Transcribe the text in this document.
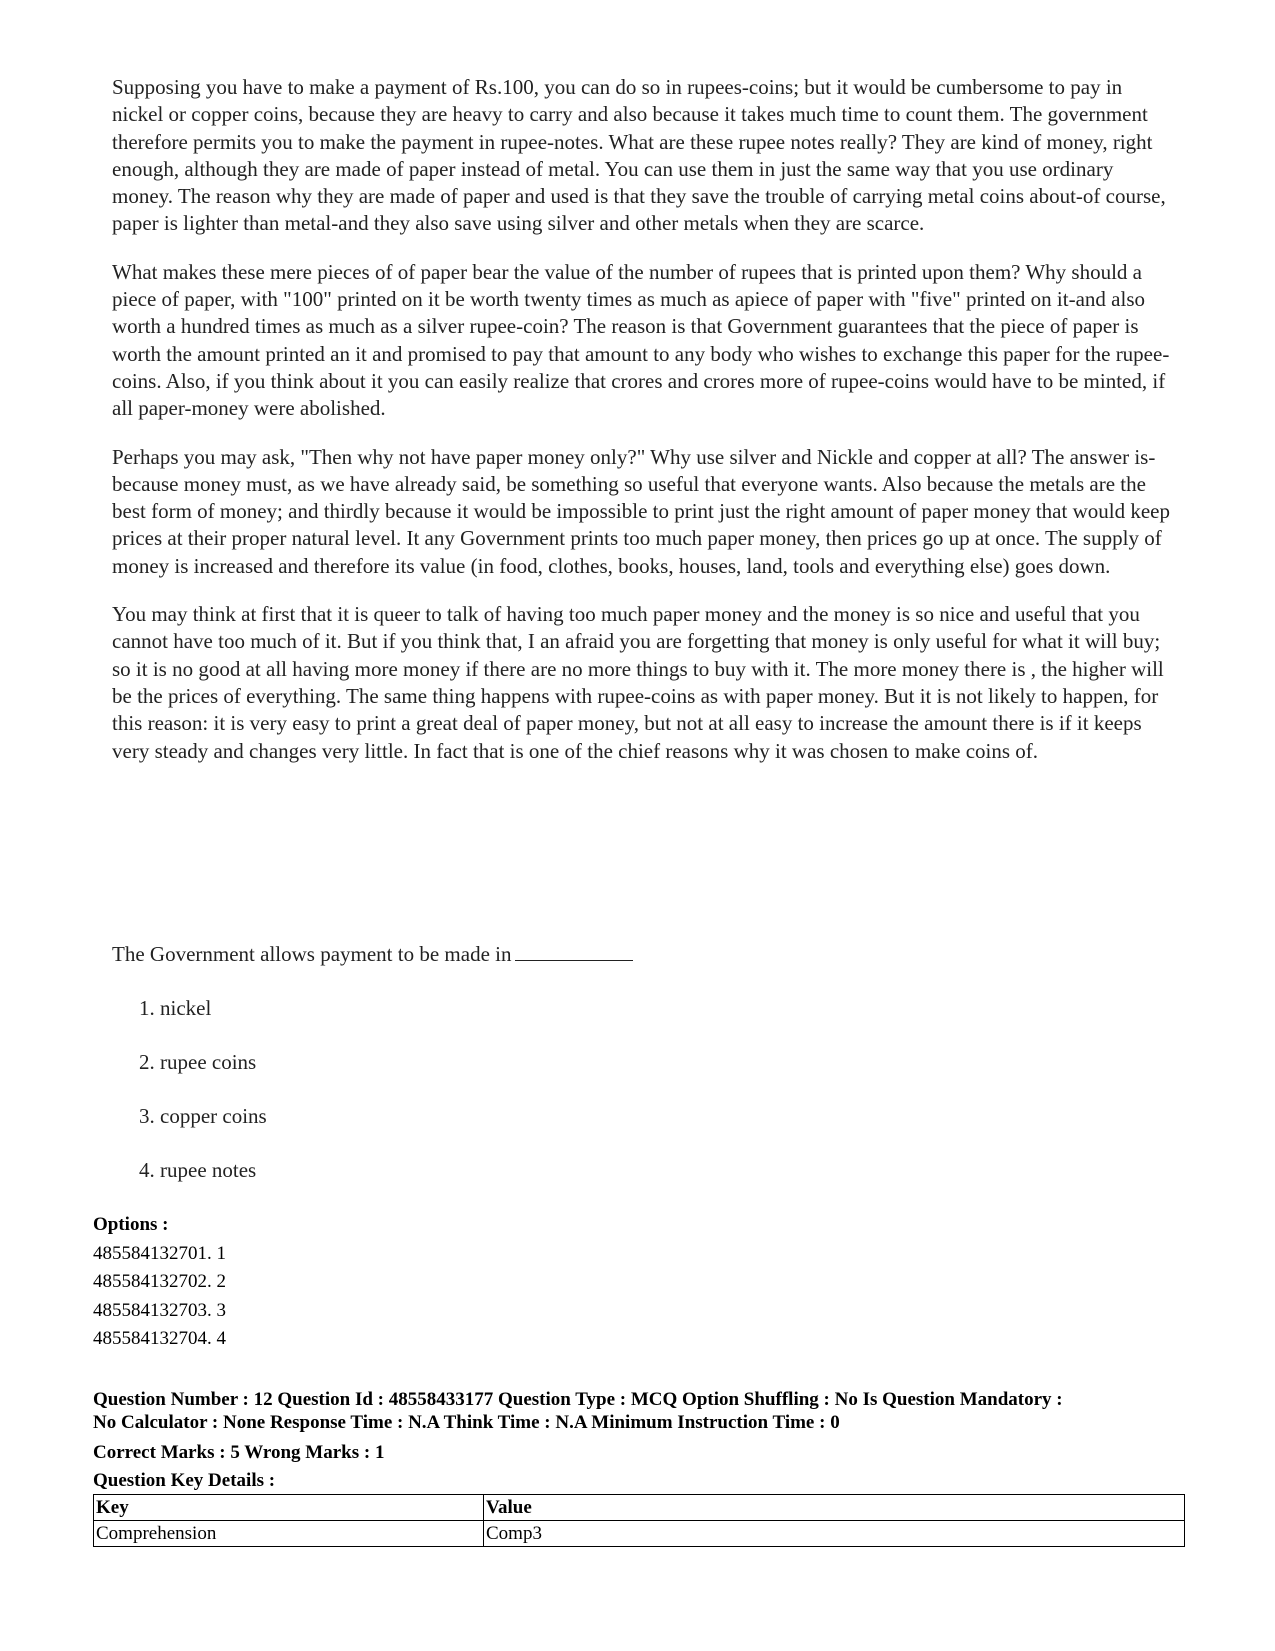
Supposing you have to make a payment of Rs.100, you can do so in rupees-coins; but it would be cumbersome to pay in nickel or copper coins, because they are heavy to carry and also because it takes much time to count them. The government therefore permits you to make the payment in rupee-notes. What are these rupee notes really? They are kind of money, right enough, although they are made of paper instead of metal. You can use them in just the same way that you use ordinary money. The reason why they are made of paper and used is that they save the trouble of carrying metal coins about-of course, paper is lighter than metal-and they also save using silver and other metals when they are scarce.

What makes these mere pieces of of paper bear the value of the number of rupees that is printed upon them? Why should a piece of paper, with "100" printed on it be worth twenty times as much as apiece of paper with "five" printed on it-and also worth a hundred times as much as a silver rupee-coin? The reason is that Government guarantees that the piece of paper is worth the amount printed an it and promised to pay that amount to any body who wishes to exchange this paper for the rupee-coins. Also, if you think about it you can easily realize that crores and crores more of rupee-coins would have to be minted, if all paper-money were abolished.

Perhaps you may ask, "Then why not have paper money only?" Why use silver and Nickle and copper at all? The answer is-because money must, as we have already said, be something so useful that everyone wants. Also because the metals are the best form of money; and thirdly because it would be impossible to print just the right amount of paper money that would keep prices at their proper natural level. It any Government prints too much paper money, then prices go up at once. The supply of money is increased and therefore its value (in food, clothes, books, houses, land, tools and everything else) goes down.

You may think at first that it is queer to talk of having too much paper money and the money is so nice and useful that you cannot have too much of it. But if you think that, I an afraid you are forgetting that money is only useful for what it will buy; so it is no good at all having more money if there are no more things to buy with it. The more money there is , the higher will be the prices of everything. The same thing happens with rupee-coins as with paper money. But it is not likely to happen, for this reason: it is very easy to print a great deal of paper money, but not at all easy to increase the amount there is if it keeps very steady and changes very little. In fact that is one of the chief reasons why it was chosen to make coins of.

The Government allows payment to be made in
1. nickel
2. rupee coins
3. copper coins
4. rupee notes
Options :
485584132701. 1
485584132702. 2
485584132703. 3
485584132704. 4
Question Number : 12 Question Id : 48558433177 Question Type : MCQ Option Shuffling : No Is Question Mandatory :
No Calculator : None Response Time : N.A Think Time : N.A Minimum Instruction Time : 0
Correct Marks : 5 Wrong Marks : 1
Question Key Details :
Key	Value
Comprehension	Comp3
